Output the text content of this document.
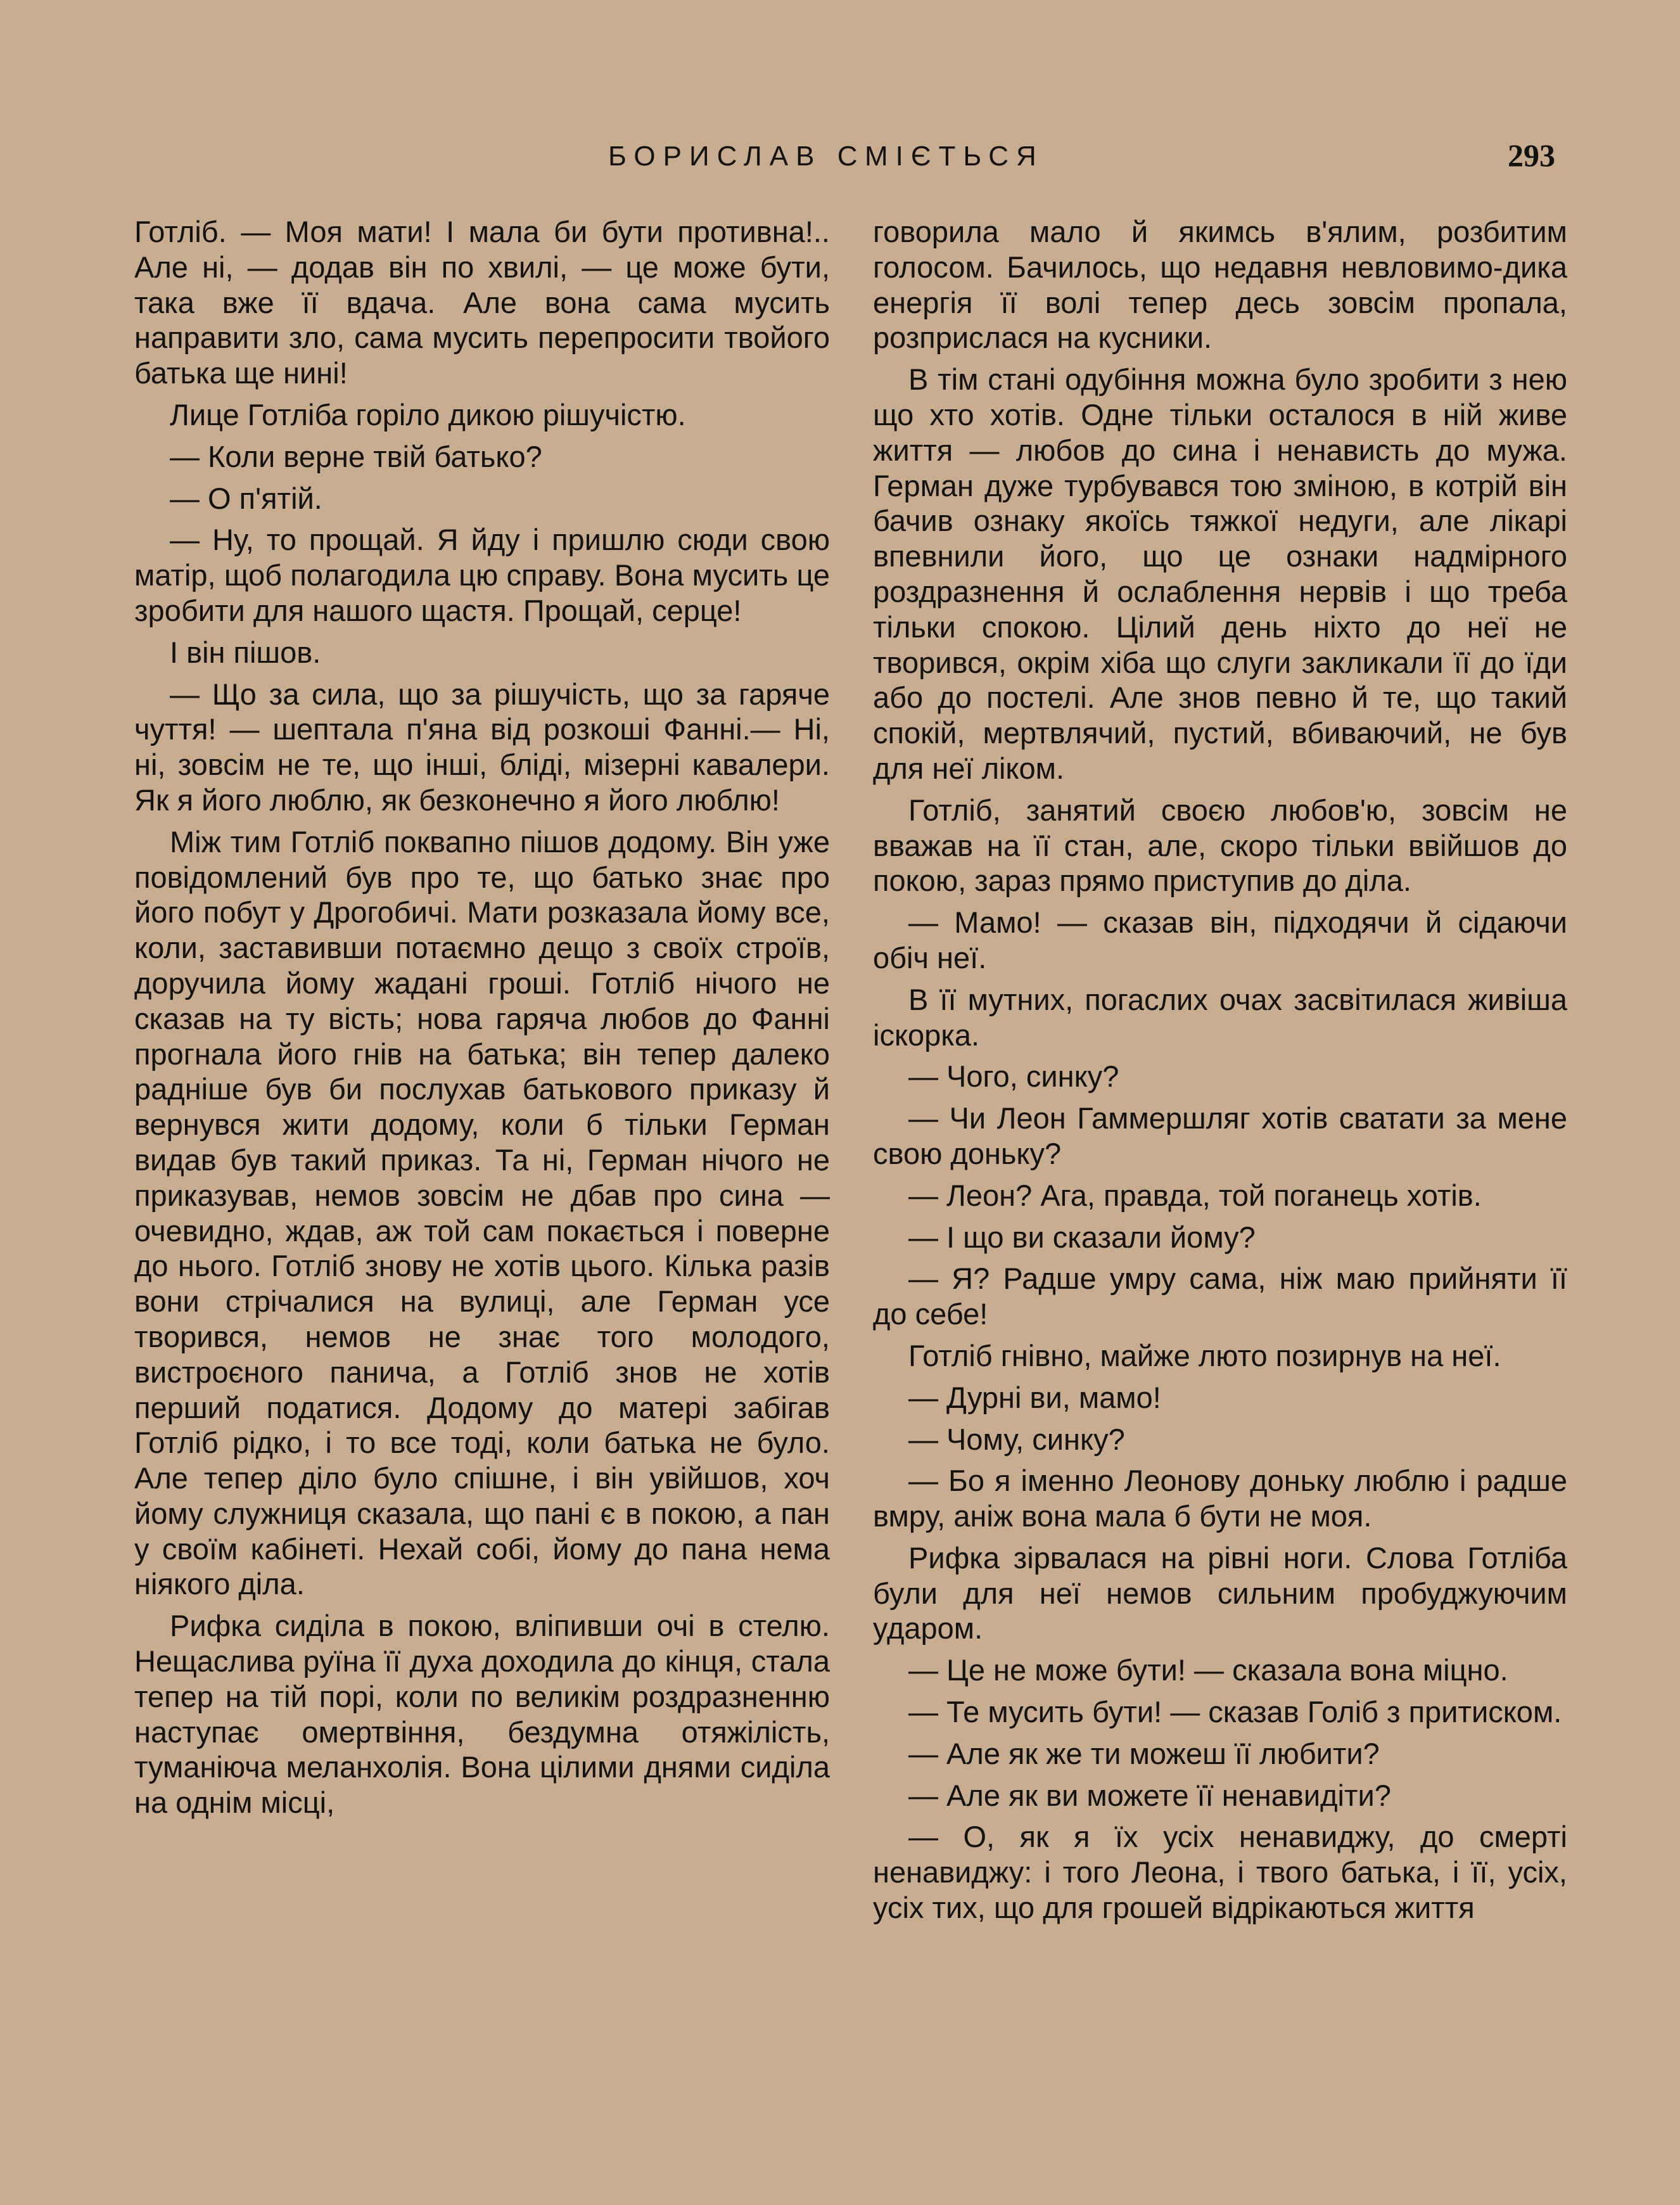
БОРИСЛАВ СМІЄТЬСЯ	293

Готліб. — Моя мати! І мала би бути противна!.. Але ні, — додав він по хвилі, — це може бути, така вже її вдача. Але вона сама мусить направити зло, сама мусить перепросити твойого батька ще нині!

Лице Готліба горіло дикою рішучістю.

— Коли верне твій батько?

— О п'ятій.

— Ну, то прощай. Я йду і пришлю сюди свою матір, щоб полагодила цю справу. Вона мусить це зробити для нашого щастя. Прощай, серце!

І він пішов.

— Що за сила, що за рішучість, що за гаряче чуття! — шептала п'яна від розкоші Фанні.— Ні, ні, зовсім не те, що інші, бліді, мізерні кавалери. Як я його люблю, як безконечно я його люблю!

Між тим Готліб поквапно пішов додому. Він уже повідомлений був про те, що батько знає про його побут у Дрогобичі. Мати розказала йому все, коли, заставивши потаємно дещо з своїх строїв, доручила йому жадані гроші. Готліб нічого не сказав на ту вість; нова гаряча любов до Фанні прогнала його гнів на батька; він тепер далеко радніше був би послухав батькового приказу й вернувся жити додому, коли б тільки Герман видав був такий приказ. Та ні, Герман нічого не приказував, немов зовсім не дбав про сина — очевидно, ждав, аж той сам покається і поверне до нього. Готліб знову не хотів цього. Кілька разів вони стрічалися на вулиці, але Герман усе творився, немов не знає того молодого, вистроєного панича, а Готліб знов не хотів перший податися. Додому до матері забігав Готліб рідко, і то все тоді, коли батька не було. Але тепер діло було спішне, і він увійшов, хоч йому служниця сказала, що пані є в покою, а пан у своїм кабінеті. Нехай собі, йому до пана нема ніякого діла.

Рифка сиділа в покою, вліпивши очі в стелю. Нещаслива руїна її духа доходила до кінця, стала тепер на тій порі, коли по великім роздразненню наступає омертвіння, бездумна отяжілість, туманіюча меланхолія. Вона цілими днями сиділа на однім місці,

говорила мало й якимсь в'ялим, розбитим голосом. Бачилось, що недавня невловимо-дика енергія її волі тепер десь зовсім пропала, розприслася на кусники.

В тім стані одубіння можна було зробити з нею що хто хотів. Одне тільки осталося в ній живе життя — любов до сина і ненависть до мужа. Герман дуже турбувався тою зміною, в котрій він бачив ознаку якоїсь тяжкої недуги, але лікарі впевнили його, що це ознаки надмірного роздразнення й ослаблення нервів і що треба тільки спокою. Цілий день ніхто до неї не творився, окрім хіба що слуги закликали її до їди або до постелі. Але знов певно й те, що такий спокій, мертвлячий, пустий, вбиваючий, не був для неї ліком.

Готліб, занятий своєю любов'ю, зовсім не вважав на її стан, але, скоро тільки ввійшов до покою, зараз прямо приступив до діла.

— Мамо! — сказав він, підходячи й сідаючи обіч неї.

В її мутних, погаслих очах засвітилася живіша іскорка.

— Чого, синку?

— Чи Леон Гаммершляг хотів сватати за мене свою доньку?

— Леон? Ага, правда, той поганець хотів.

— І що ви сказали йому?

— Я? Радше умру сама, ніж маю прийняти її до себе!

Готліб гнівно, майже люто позирнув на неї.

— Дурні ви, мамо!

— Чому, синку?

— Бо я іменно Леонову доньку люблю і радше вмру, аніж вона мала б бути не моя.

Рифка зірвалася на рівні ноги. Слова Готліба були для неї немов сильним пробуджуючим ударом.

— Це не може бути! — сказала вона міцно.

— Те мусить бути! — сказав Голіб з притиском.

— Але як же ти можеш її любити?

— Але як ви можете її ненавидіти?

— О, як я їх усіх ненавиджу, до смерті ненавиджу: і того Леона, і твого батька, і її, усіх, усіх тих, що для грошей відрікаються життя
